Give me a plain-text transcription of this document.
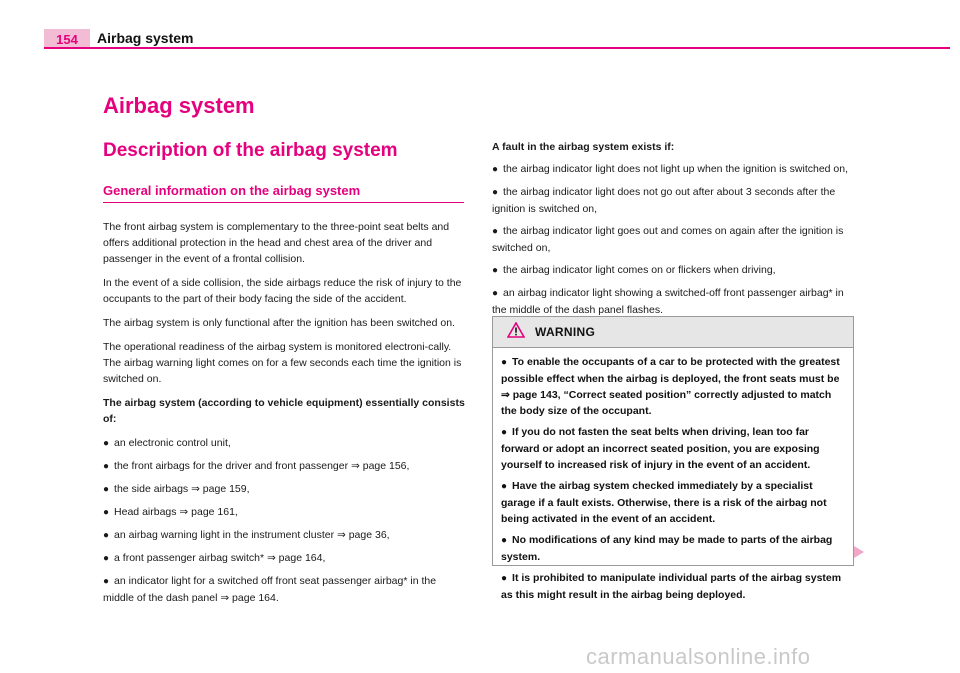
154	Airbag system
Airbag system
Description of the airbag system
General information on the airbag system

The front airbag system is complementary to the three-point seat belts and offers additional protection in the head and chest area of the driver and passenger in the event of a frontal collision.

In the event of a side collision, the side airbags reduce the risk of injury to the occupants to the part of their body facing the side of the accident.

The airbag system is only functional after the ignition has been switched on.

The operational readiness of the airbag system is monitored electroni-cally. The airbag warning light comes on for a few seconds each time the ignition is switched on.

The airbag system (according to vehicle equipment) essentially consists of:

● an electronic control unit,
● the front airbags for the driver and front passenger ⇒ page 156,
● the side airbags ⇒ page 159,
● Head airbags ⇒ page 161,
● an airbag warning light in the instrument cluster ⇒ page 36,
● a front passenger airbag switch* ⇒ page 164,
● an indicator light for a switched off front seat passenger airbag* in the middle of the dash panel ⇒ page 164.

A fault in the airbag system exists if:

● the airbag indicator light does not light up when the ignition is switched on,
● the airbag indicator light does not go out after about 3 seconds after the ignition is switched on,
● the airbag indicator light goes out and comes on again after the ignition is switched on,
● the airbag indicator light comes on or flickers when driving,
● an airbag indicator light showing a switched-off front passenger airbag* in the middle of the dash panel flashes.
WARNING
● To enable the occupants of a car to be protected with the greatest possible effect when the airbag is deployed, the front seats must be ⇒ page 143, “Correct seated position” correctly adjusted to match the body size of the occupant.
● If you do not fasten the seat belts when driving, lean too far forward or adopt an incorrect seated position, you are exposing yourself to increased risk of injury in the event of an accident.
● Have the airbag system checked immediately by a specialist garage if a fault exists. Otherwise, there is a risk of the airbag not being activated in the event of an accident.
● No modifications of any kind may be made to parts of the airbag system.
● It is prohibited to manipulate individual parts of the airbag system as this might result in the airbag being deployed.
carmanualsonline.info
